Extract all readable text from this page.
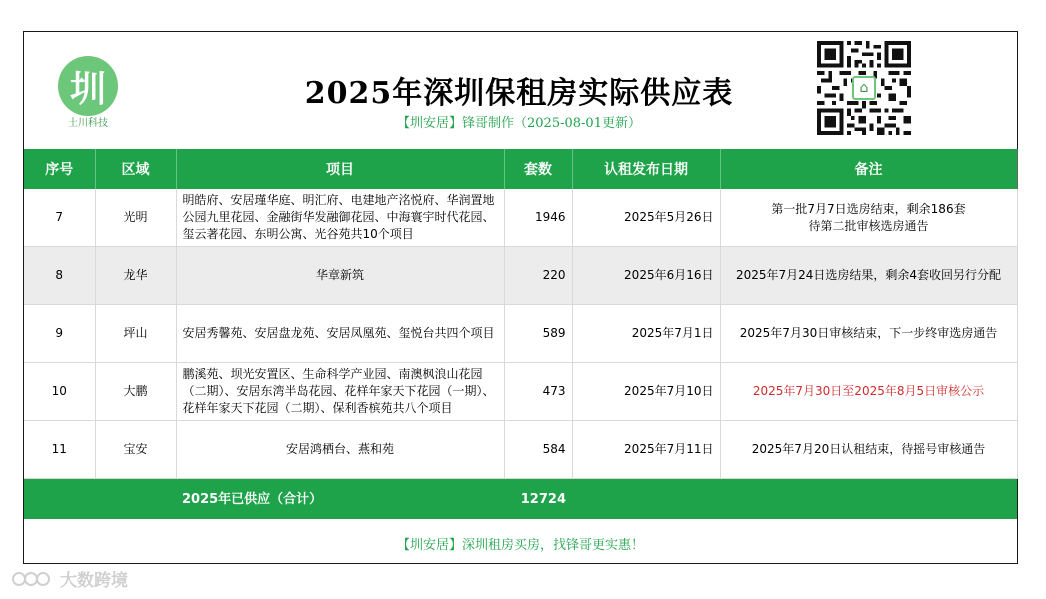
圳
土川科技
2025年深圳保租房实际供应表
【圳安居】锋哥制作（2025-08-01更新）
⌂
序号	区域	项目	套数	认租发布日期	备注
7	光明	明皓府、安居瑾华庭、明汇府、电建地产洺悦府、华润置地公园九里花园、金融街华发融御花园、中海寰宇时代花园、玺云著花园、东明公寓、光谷苑共10个项目	1946	2025年5月26日	第一批7月7日选房结束，剩余186套
待第二批审核选房通告
8	龙华	华章新筑	220	2025年6月16日	2025年7月24日选房结果，剩余4套收回另行分配
9	坪山	安居秀馨苑、安居盘龙苑、安居凤凰苑、玺悦台共四个项目	589	2025年7月1日	2025年7月30日审核结束，下一步终审选房通告
10	大鹏	鹏溪苑、坝光安置区、生命科学产业园、南澳枫浪山花园（二期）、安居东湾半岛花园、花样年家天下花园（一期）、花样年家天下花园（二期）、保利香槟苑共八个项目	473	2025年7月10日	2025年7月30日至2025年8月5日审核公示
11	宝安	安居鸿栖台、燕和苑	584	2025年7月11日	2025年7月20日认租结束，待摇号审核通告
		2025年已供应（合计）	12724		
【圳安居】深圳租房买房，找锋哥更实惠！
大数跨境
